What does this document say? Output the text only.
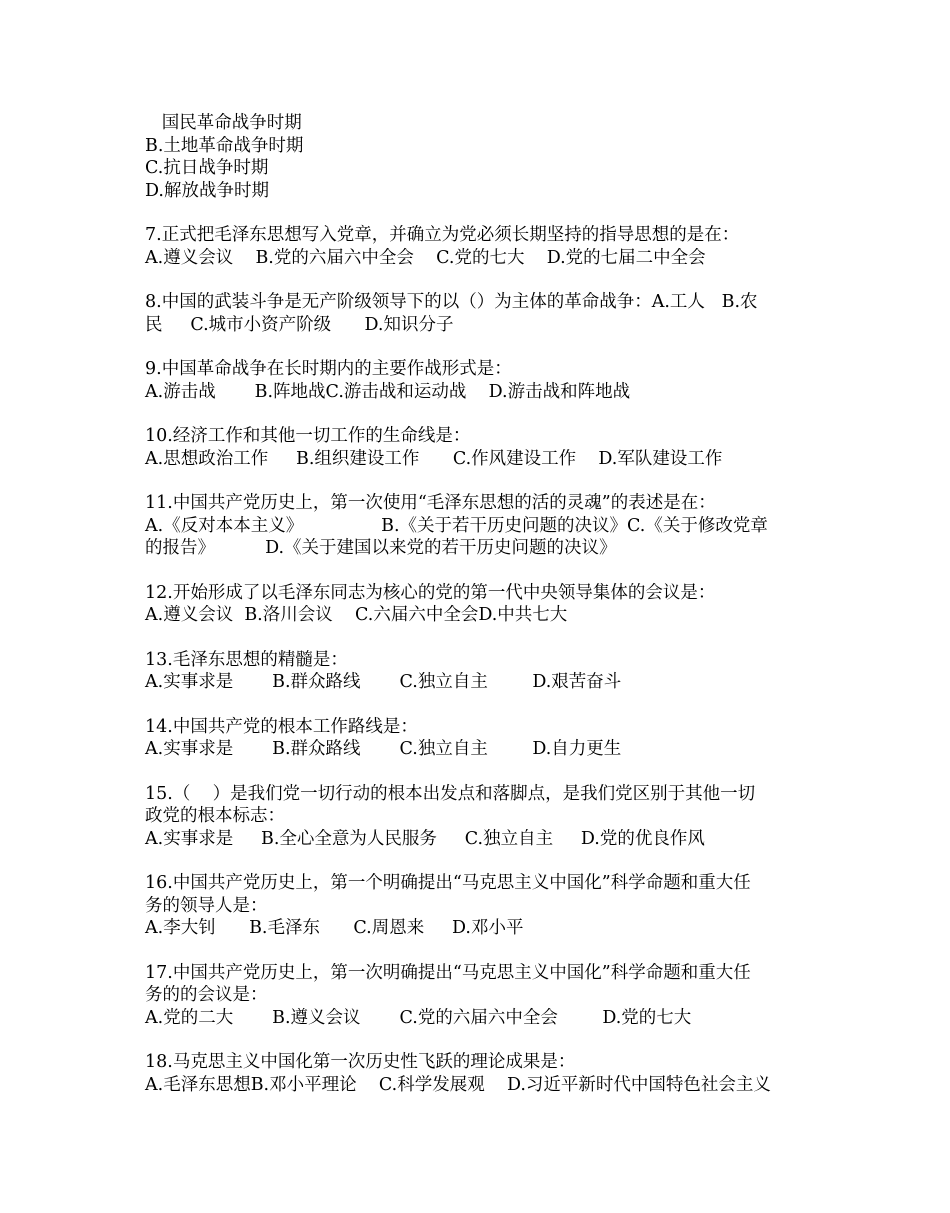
国民革命战争时期
B.土地革命战争时期
C.抗日战争时期
D.解放战争时期
7.正式把毛泽东思想写入党章，并确立为党必须长期坚持的指导思想的是在：
A.遵义会议    B.党的六届六中全会    C.党的七大    D.党的七届二中全会
8.中国的武装斗争是无产阶级领导下的以（）为主体的革命战争：A.工人   B.农
民     C.城市小资产阶级      D.知识分子
9.中国革命战争在长时期内的主要作战形式是：
A.游击战       B.阵地战C.游击战和运动战    D.游击战和阵地战
10.经济工作和其他一切工作的生命线是：
A.思想政治工作     B.组织建设工作      C.作风建设工作    D.军队建设工作
11.中国共产党历史上，第一次使用“毛泽东思想的活的灵魂”的表述是在：
A.《反对本本主义》              B.《关于若干历史问题的决议》C.《关于修改党章
的报告》         D.《关于建国以来党的若干历史问题的决议》
12.开始形成了以毛泽东同志为核心的党的第一代中央领导集体的会议是：
A.遵义会议  B.洛川会议    C.六届六中全会D.中共七大
13.毛泽东思想的精髓是：
A.实事求是       B.群众路线       C.独立自主        D.艰苦奋斗
14.中国共产党的根本工作路线是：
A.实事求是       B.群众路线       C.独立自主        D.自力更生
15.（    ）是我们党一切行动的根本出发点和落脚点，是我们党区别于其他一切
政党的根本标志：
A.实事求是     B.全心全意为人民服务     C.独立自主     D.党的优良作风
16.中国共产党历史上，第一个明确提出“马克思主义中国化”科学命题和重大任
务的领导人是：
A.李大钊      B.毛泽东      C.周恩来     D.邓小平
17.中国共产党历史上，第一次明确提出“马克思主义中国化”科学命题和重大任
务的的会议是：
A.党的二大       B.遵义会议       C.党的六届六中全会        D.党的七大
18.马克思主义中国化第一次历史性飞跃的理论成果是：
A.毛泽东思想B.邓小平理论    C.科学发展观    D.习近平新时代中国特色社会主义
